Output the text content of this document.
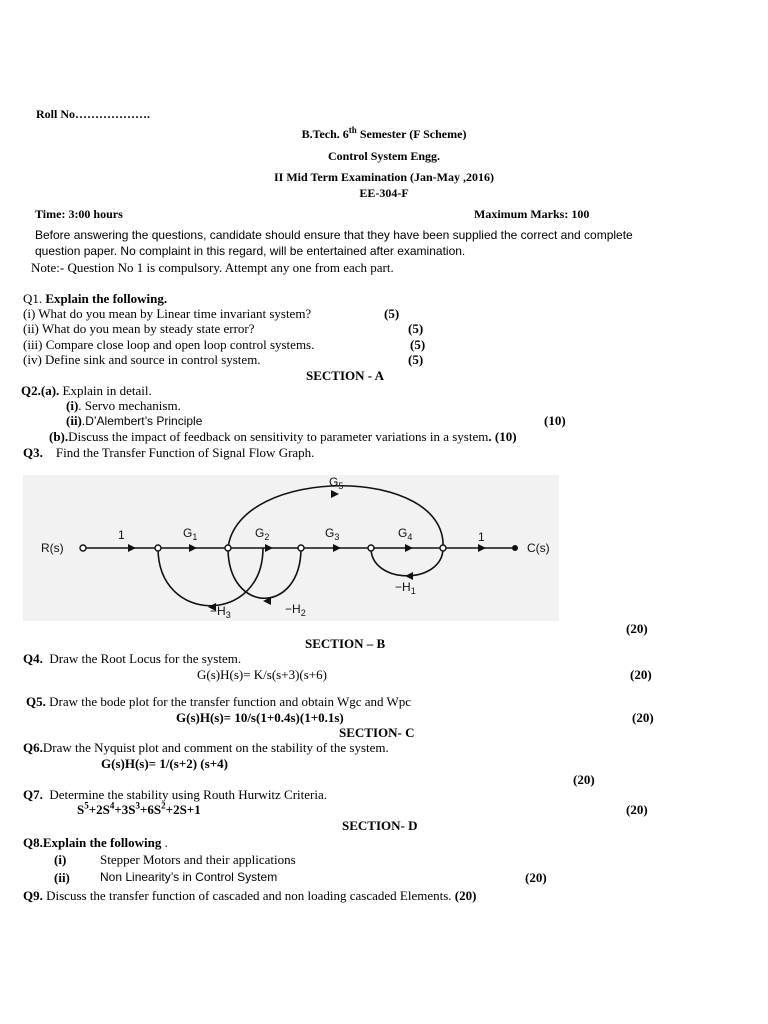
Roll No……………….
B.Tech. 6th Semester (F Scheme)
Control System Engg.
II Mid Term Examination (Jan-May ,2016)
EE-304-F
Time: 3:00 hours	Maximum Marks: 100
Before answering the questions, candidate should ensure that they have been supplied the correct and complete
question paper. No complaint in this regard, will be entertained after examination.
Note:- Question No 1 is compulsory. Attempt any one from each part.
Q1. Explain the following.
(i) What do you mean by Linear time invariant system?	(5)
(ii) What do you mean by steady state error?	(5)
(iii) Compare close loop and open loop control systems.	(5)
(iv) Define sink and source in control system.	(5)
SECTION - A
Q2.(a). Explain in detail.
(i). Servo mechanism.
(ii).D’Alembert’s Principle	(10)
(b).Discuss the impact of feedback on sensitivity to parameter variations in a system. (10)
Q3. Find the Transfer Function of Signal Flow Graph.
R(s)	C(s)
1	1
$G_1$	$G_2$	$G_3$	$G_4$
$G_5$
$-H_1$
$-H_2$
$-H_3$
(20)
SECTION – B
Q4. Draw the Root Locus for the system.
G(s)H(s)= K/s(s+3)(s+6)	(20)
Q5. Draw the bode plot for the transfer function and obtain Wgc and Wpc
G(s)H(s)= 10/s(1+0.4s)(1+0.1s)	(20)
SECTION- C
Q6.Draw the Nyquist plot and comment on the stability of the system.
G(s)H(s)= 1/(s+2) (s+4)
(20)
Q7. Determine the stability using Routh Hurwitz Criteria.
$S^5+2S^4+3S^3+6S^2+2S+1$	(20)
SECTION- D
Q8.Explain the following .
(i)	Stepper Motors and their applications
(ii)	Non Linearity’s in Control System	(20)
Q9. Discuss the transfer function of cascaded and non loading cascaded Elements. (20)
